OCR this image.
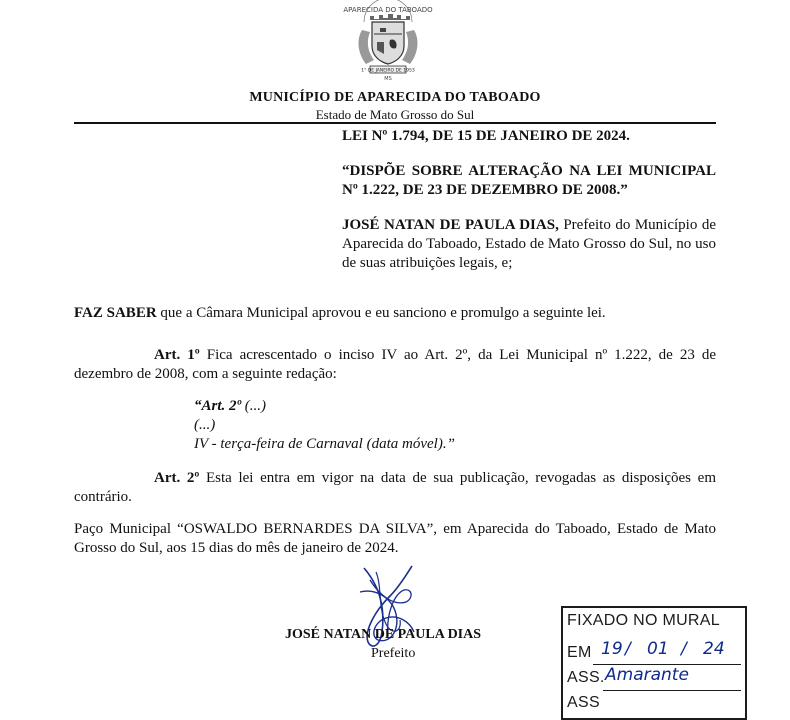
APARECIDA DO TABOADO
1° DE JANEIRO DE 1953
MS
MUNICÍPIO DE APARECIDA DO TABOADO
Estado de Mato Grosso do Sul
LEI Nº 1.794, DE 15 DE JANEIRO DE 2024.
“DISPÕE SOBRE ALTERAÇÃO NA LEI MUNICIPAL Nº 1.222, DE 23 DE DEZEMBRO DE 2008.”
JOSÉ NATAN DE PAULA DIAS, Prefeito do Município de Aparecida do Taboado, Estado de Mato Grosso do Sul, no uso de suas atribuições legais, e;
FAZ SABER que a Câmara Municipal aprovou e eu sanciono e promulgo a seguinte lei.
Art. 1º Fica acrescentado o inciso IV ao Art. 2º, da Lei Municipal nº 1.222, de 23 de dezembro de 2008, com a seguinte redação:
“Art. 2º (...)
(...)
IV - terça-feira de Carnaval (data móvel).”
Art. 2º Esta lei entra em vigor na data de sua publicação, revogadas as disposições em contrário.
Paço Municipal “OSWALDO BERNARDES DA SILVA”, em Aparecida do Taboado, Estado de Mato Grosso do Sul, aos 15 dias do mês de janeiro de 2024.
JOSÉ NATAN DE PAULA DIAS
Prefeito
FIXADO NO MURAL
EM 19 / 01 / 24
ASS. Amarante
ASS
